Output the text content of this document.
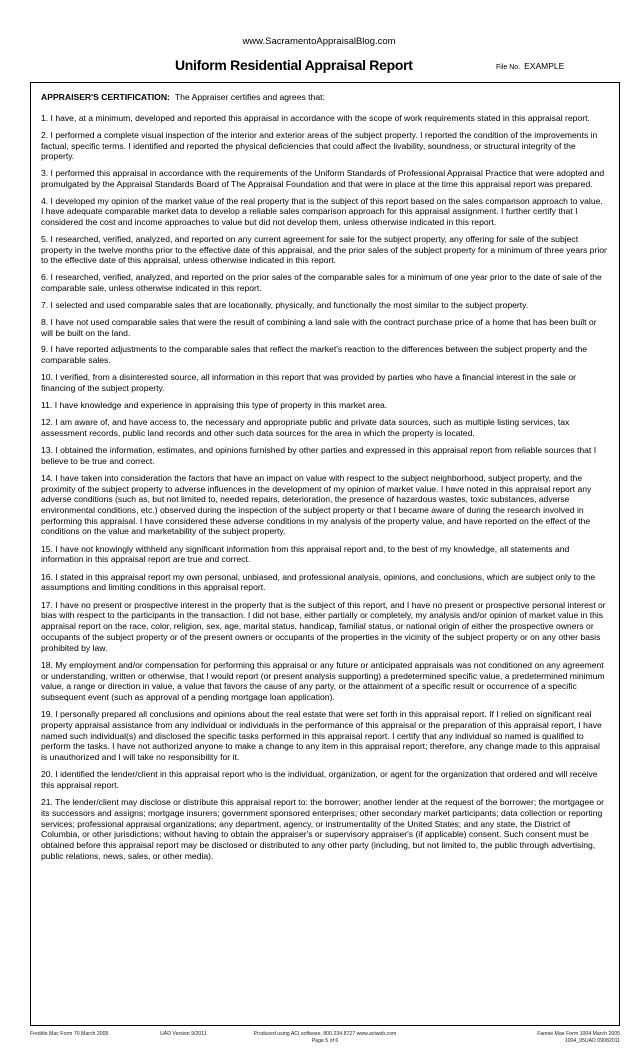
www.SacramentoAppraisalBlog.com
Uniform Residential Appraisal Report	File No. EXAMPLE
APPRAISER'S CERTIFICATION: The Appraiser certifies and agrees that:
1. I have, at a minimum, developed and reported this appraisal in accordance with the scope of work requirements stated in this appraisal report.
2. I performed a complete visual inspection of the interior and exterior areas of the subject property. I reported the condition of the improvements in factual, specific terms. I identified and reported the physical deficiencies that could affect the livability, soundness, or structural integrity of the property.
3. I performed this appraisal in accordance with the requirements of the Uniform Standards of Professional Appraisal Practice that were adopted and promulgated by the Appraisal Standards Board of The Appraisal Foundation and that were in place at the time this appraisal report was prepared.
4. I developed my opinion of the market value of the real property that is the subject of this report based on the sales comparison approach to value. I have adequate comparable market data to develop a reliable sales comparison approach for this appraisal assignment. I further certify that I considered the cost and income approaches to value but did not develop them, unless otherwise indicated in this report.
5. I researched, verified, analyzed, and reported on any current agreement for sale for the subject property, any offering for sale of the subject property in the twelve months prior to the effective date of this appraisal, and the prior sales of the subject property for a minimum of three years prior to the effective date of this appraisal, unless otherwise indicated in this report.
6. I researched, verified, analyzed, and reported on the prior sales of the comparable sales for a minimum of one year prior to the date of sale of the comparable sale, unless otherwise indicated in this report.
7. I selected and used comparable sales that are locationally, physically, and functionally the most similar to the subject property.
8. I have not used comparable sales that were the result of combining a land sale with the contract purchase price of a home that has been built or will be built on the land.
9. I have reported adjustments to the comparable sales that reflect the market's reaction to the differences between the subject property and the comparable sales.
10. I verified, from a disinterested source, all information in this report that was provided by parties who have a financial interest in the sale or financing of the subject property.
11. I have knowledge and experience in appraising this type of property in this market area.
12. I am aware of, and have access to, the necessary and appropriate public and private data sources, such as multiple listing services, tax assessment records, public land records and other such data sources for the area in which the property is located.
13. I obtained the information, estimates, and opinions furnished by other parties and expressed in this appraisal report from reliable sources that I believe to be true and correct.
14. I have taken into consideration the factors that have an impact on value with respect to the subject neighborhood, subject property, and the proximity of the subject property to adverse influences in the development of my opinion of market value. I have noted in this appraisal report any adverse conditions (such as, but not limited to, needed repairs, deterioration, the presence of hazardous wastes, toxic substances, adverse environmental conditions, etc.) observed during the inspection of the subject property or that I became aware of during the research involved in performing this appraisal. I have considered these adverse conditions in my analysis of the property value, and have reported on the effect of the conditions on the value and marketability of the subject property.
15. I have not knowingly withheld any significant information from this appraisal report and, to the best of my knowledge, all statements and information in this appraisal report are true and correct.
16. I stated in this appraisal report my own personal, unbiased, and professional analysis, opinions, and conclusions, which are subject only to the assumptions and limiting conditions in this appraisal report.
17. I have no present or prospective interest in the property that is the subject of this report, and I have no present or prospective personal interest or bias with respect to the participants in the transaction. I did not base, either partially or completely, my analysis and/or opinion of market value in this appraisal report on the race, color, religion, sex, age, marital status, handicap, familial status, or national origin of either the prospective owners or occupants of the subject property or of the present owners or occupants of the properties in the vicinity of the subject property or on any other basis prohibited by law.
18. My employment and/or compensation for performing this appraisal or any future or anticipated appraisals was not conditioned on any agreement or understanding, written or otherwise, that I would report (or present analysis supporting) a predetermined specific value, a predetermined minimum value, a range or direction in value, a value that favors the cause of any party, or the attainment of a specific result or occurrence of a specific subsequent event (such as approval of a pending mortgage loan application).
19. I personally prepared all conclusions and opinions about the real estate that were set forth in this appraisal report. If I relied on significant real property appraisal assistance from any individual or individuals in the performance of this appraisal or the preparation of this appraisal report, I have named such individual(s) and disclosed the specific tasks performed in this appraisal report. I certify that any individual so named is qualified to perform the tasks. I have not authorized anyone to make a change to any item in this appraisal report; therefore, any change made to this appraisal is unauthorized and I will take no responsibility for it.
20. I identified the lender/client in this appraisal report who is the individual, organization, or agent for the organization that ordered and will receive this appraisal report.
21. The lender/client may disclose or distribute this appraisal report to: the borrower; another lender at the request of the borrower; the mortgagee or its successors and assigns; mortgage insurers; government sponsored enterprises; other secondary market participants; data collection or reporting services; professional appraisal organizations; any department, agency, or instrumentality of the United States; and any state, the District of Columbia, or other jurisdictions; without having to obtain the appraiser's or supervisory appraiser's (if applicable) consent. Such consent must be obtained before this appraisal report may be disclosed or distributed to any other party (including, but not limited to, the public through advertising, public relations, news, sales, or other media).
Freddie Mac Form 70 March 2005	UAD Version 9/2011	Produced using ACI software, 800.234.8727 www.aciweb.com
Page 5 of 6
Fannie Mae Form 1004 March 2005
1004_05UAD 09082011
